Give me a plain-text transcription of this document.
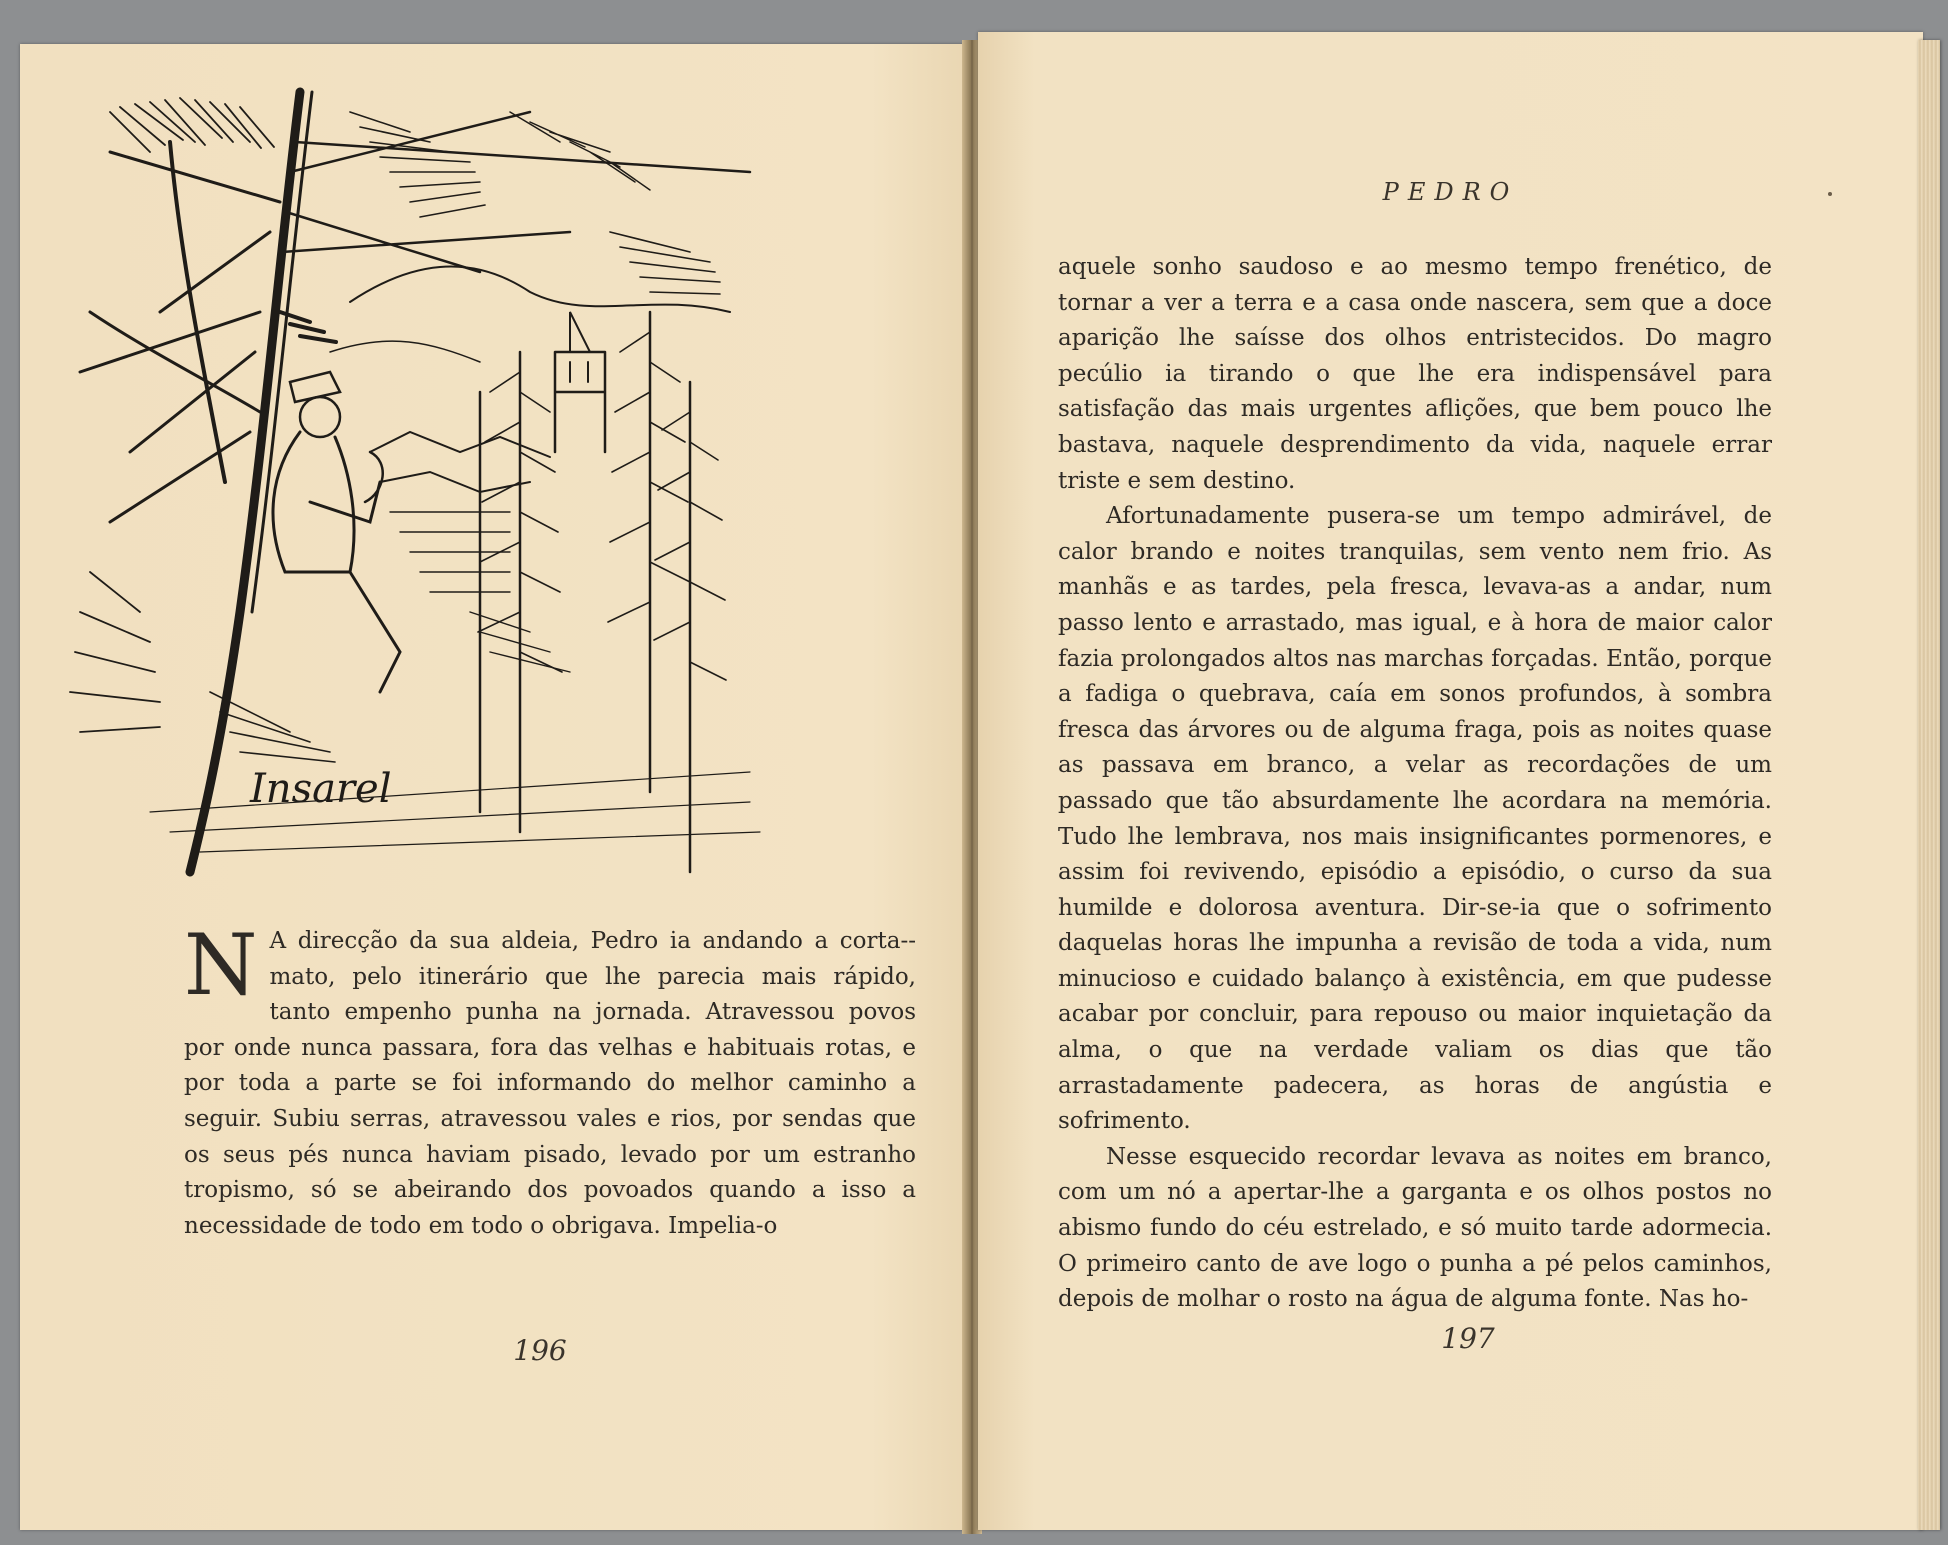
Insarel
N A direcção da sua aldeia, Pedro ia andando a corta--mato, pelo itinerário que lhe parecia mais rápido, tanto empenho punha na jornada. Atravessou povos por onde nunca passara, fora das velhas e habituais rotas, e por toda a parte se foi informando do melhor caminho a seguir. Subiu serras, atravessou vales e rios, por sendas que os seus pés nunca haviam pisado, levado por um estranho tropismo, só se abeirando dos povoados quando a isso a necessidade de todo em todo o obrigava. Impelia-o

196
PEDRO

aquele sonho saudoso e ao mesmo tempo frenético, de tornar a ver a terra e a casa onde nascera, sem que a doce aparição lhe saísse dos olhos entristecidos. Do magro pecúlio ia tirando o que lhe era indispensável para satisfação das mais urgentes aflições, que bem pouco lhe bastava, naquele desprendimento da vida, naquele errar triste e sem destino.

Afortunadamente pusera-se um tempo admirável, de calor brando e noites tranquilas, sem vento nem frio. As manhãs e as tardes, pela fresca, levava-as a andar, num passo lento e arrastado, mas igual, e à hora de maior calor fazia prolongados altos nas marchas forçadas. Então, porque a fadiga o quebrava, caía em sonos profundos, à sombra fresca das árvores ou de alguma fraga, pois as noites quase as passava em branco, a velar as recordações de um passado que tão absurdamente lhe acordara na memória. Tudo lhe lembrava, nos mais insignificantes pormenores, e assim foi revivendo, episódio a episódio, o curso da sua humilde e dolorosa aventura. Dir-se-ia que o sofrimento daquelas horas lhe impunha a revisão de toda a vida, num minucioso e cuidado balanço à existência, em que pudesse acabar por concluir, para repouso ou maior inquietação da alma, o que na verdade valiam os dias que tão arrastadamente padecera, as horas de angústia e sofrimento.

Nesse esquecido recordar levava as noites em branco, com um nó a apertar-lhe a garganta e os olhos postos no abismo fundo do céu estrelado, e só muito tarde adormecia. O primeiro canto de ave logo o punha a pé pelos caminhos, depois de molhar o rosto na água de alguma fonte. Nas ho-

197
